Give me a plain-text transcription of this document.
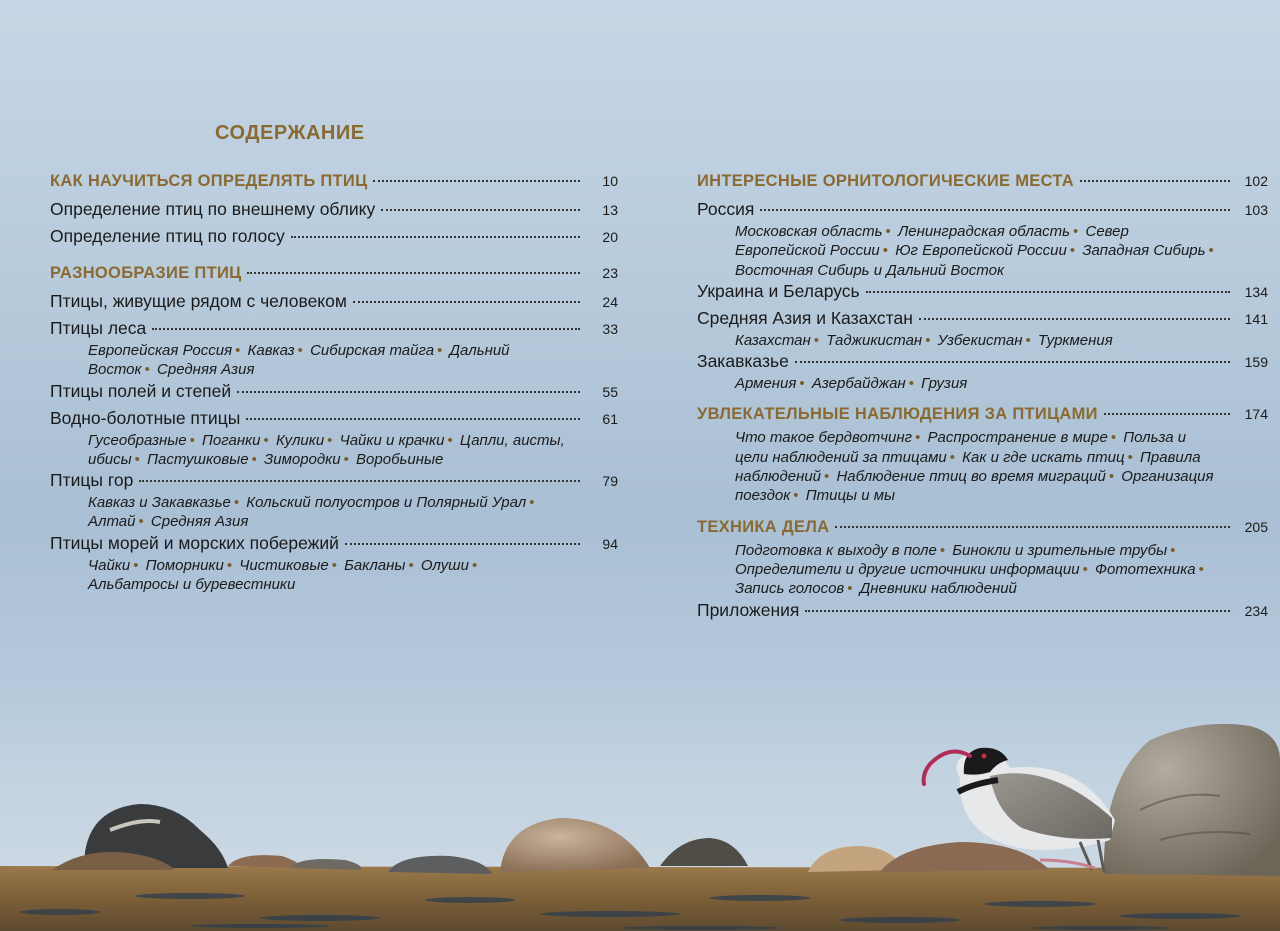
СОДЕРЖАНИЕ
КАК НАУЧИТЬСЯ ОПРЕДЕЛЯТЬ ПТИЦ	10
Определение птиц по внешнему облику	13
Определение птиц по голосу	20
РАЗНООБРАЗИЕ ПТИЦ	23
Птицы, живущие рядом с человеком	24
Птицы леса	33
Европейская Россия • Кавказ • Сибирская тайга • Дальний Восток • Средняя Азия
Птицы полей и степей	55
Водно-болотные птицы	61
Гусеобразные • Поганки • Кулики • Чайки и крачки • Цапли, аисты, ибисы • Пастушковые • Зимородки • Воробьиные
Птицы гор	79
Кавказ и Закавказье • Кольский полуостров и Полярный Урал • Алтай • Средняя Азия
Птицы морей и морских побережий	94
Чайки • Поморники • Чистиковые • Бакланы • Олуши • Альбатросы и буревестники
ИНТЕРЕСНЫЕ ОРНИТОЛОГИЧЕСКИЕ МЕСТА	102
Россия	103
Московская область • Ленинградская область • Север Европейской России • Юг Европейской России • Западная Сибирь • Восточная Сибирь и Дальний Восток
Украина и Беларусь	134
Средняя Азия и Казахстан	141
Казахстан • Таджикистан • Узбекистан • Туркмения
Закавказье	159
Армения • Азербайджан • Грузия
УВЛЕКАТЕЛЬНЫЕ НАБЛЮДЕНИЯ ЗА ПТИЦАМИ	174
Что такое бердвотчинг • Распространение в мире • Польза и цели наблюдений за птицами • Как и где искать птиц • Правила наблюдений • Наблюдение птиц во время миграций • Организация поездок • Птицы и мы
ТЕХНИКА ДЕЛА	205
Подготовка к выходу в поле • Бинокли и зрительные трубы • Определители и другие источники информации • Фототехника • Запись голосов • Дневники наблюдений
Приложения	234
